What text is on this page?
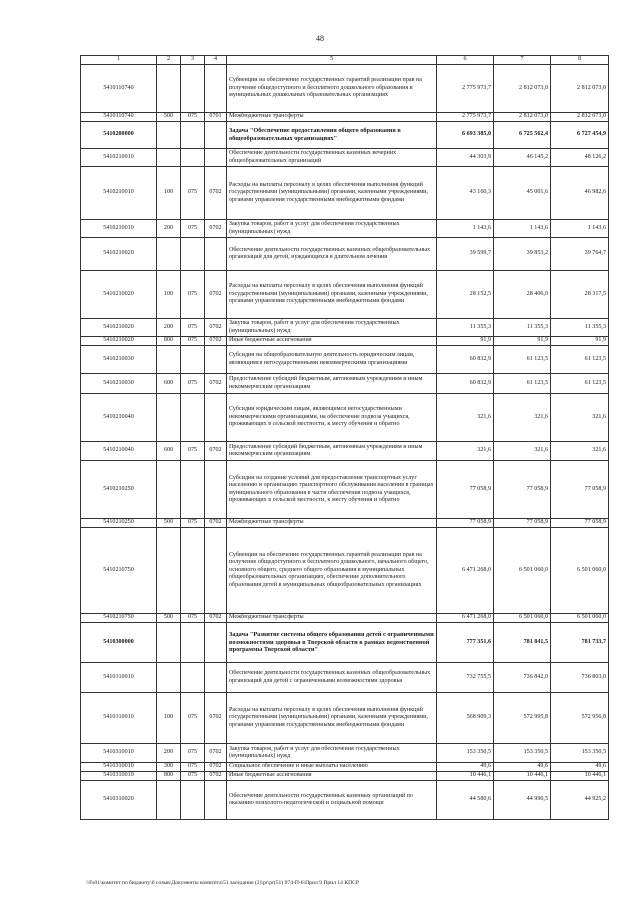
48
1	2	3	4	5	6	7	8
5410110740				Субвенции на обеспечение государственных гарантий реализации прав на получение общедоступного и бесплатного дошкольного образования в муниципальных дошкольных образовательных организациях	2 775 973,7	2 812 073,0	2 812 073,0
5410110740	500	075	0701	Межбюджетные трансферты	2 775 973,7	2 812 073,0	2 812 073,0
5410200000				Задача "Обеспечение предоставления общего образования в общеобразовательных организациях"	6 693 385,0	6 725 562,4	6 727 454,9
5410210010				Обеспечение деятельности государственных казенных вечерних общеобразовательных организаций	44 303,9	46 145,2	48 126,2
5410210010	100	075	0702	Расходы на выплаты персоналу в целях обеспечения выполнения функций государственными (муниципальными) органами, казенными учреждениями, органами управления государственными внебюджетными фондами	43 160,3	45 001,6	46 982,6
5410210010	200	075	0702	Закупка товаров, работ и услуг для обеспечения государственных (муниципальных) нужд	1 143,6	1 143,6	1 143,6
5410210020				Обеспечение деятельности государственных казенных общеобразовательных организаций для детей, нуждающихся в длительном лечении	39 599,7	39 853,2	39 764,7
5410210020	100	075	0702	Расходы на выплаты персоналу в целях обеспечения выполнения функций государственными (муниципальными) органами, казенными учреждениями, органами управления государственными внебюджетными фондами	28 152,5	28 406,0	28 317,5
5410210020	200	075	0702	Закупка товаров, работ и услуг для обеспечения государственных (муниципальных) нужд	11 355,3	11 355,3	11 355,3
5410210020	800	075	0702	Иные бюджетные ассигнования	91,9	91,9	91,9
5410210030				Субсидии на общеобразовательную деятельность юридическим лицам, являющимся негосударственными некоммерческими организациями	60 832,9	61 123,5	61 123,5
5410210030	600	075	0702	Предоставление субсидий бюджетным, автономным учреждениям и иным некоммерческим организациям	60 832,9	61 123,5	61 123,5
5410210040				Субсидии юридическим лицам, являющимся негосударственными некоммерческими организациями, на обеспечение подвоза учащихся, проживающих в сельской местности, к месту обучения и обратно	321,6	321,6	321,6
5410210040	600	075	0702	Предоставление субсидий бюджетным, автономным учреждениям и иным некоммерческим организациям	321,6	321,6	321,6
5410210250				Субсидии на создание условий для предоставления транспортных услуг населению и организацию транспортного обслуживания населения в границах муниципального образования в части обеспечения подвоза учащихся, проживающих в сельской местности, к месту обучения и обратно	77 058,9	77 058,9	77 058,9
5410210250	500	075	0702	Межбюджетные трансферты	77 058,9	77 058,9	77 058,9
5410210750				Субвенции на обеспечение государственных гарантий реализации прав на получение общедоступного и бесплатного дошкольного, начального общего, основного общего, среднего общего образования в муниципальных общеобразовательных организациях, обеспечение дополнительного образования детей в муниципальных общеобразовательных организациях	6 471 268,0	6 501 060,0	6 501 060,0
5410210750	500	075	0702	Межбюджетные трансферты	6 471 268,0	6 501 060,0	6 501 060,0
5410300000				Задача "Развитие системы общего образования детей с ограниченными возможностями здоровья в Тверской области в рамках ведомственной программы Тверской области"	777 351,6	781 841,5	781 733,7
5410310010				Обеспечение деятельности государственных казенных общеобразовательных организаций для детей с ограниченными возможностями здоровья	732 755,5	736 842,0	736 803,0
5410310010	100	075	0702	Расходы на выплаты персоналу в целях обеспечения выполнения функций государственными (муниципальными) органами, казенными учреждениями, органами управления государственными внебюджетными фондами	568 909,3	572 995,8	572 956,8
5410310010	200	075	0702	Закупка товаров, работ и услуг для обеспечения государственных (муниципальных) нужд	153 350,5	153 350,5	153 350,5
5410310010	300	075	0702	Социальное обеспечение и иные выплаты населению	49,6	49,6	49,6
5410310010	800	075	0702	Иные бюджетные ассигнования	10 446,1	10 446,1	10 446,1
5410310020				Обеспечение деятельности государственных казенных организаций по оказанию психолого-педагогической и социальной помощи	44 580,6	44 990,5	44 925,2
\\Fs01\комитет по бюджету\6 созыв\Документы комитета\51 заседание (2)\pr\pr(51) 974-П-6\Прил 9 Прил 14 КПСР
